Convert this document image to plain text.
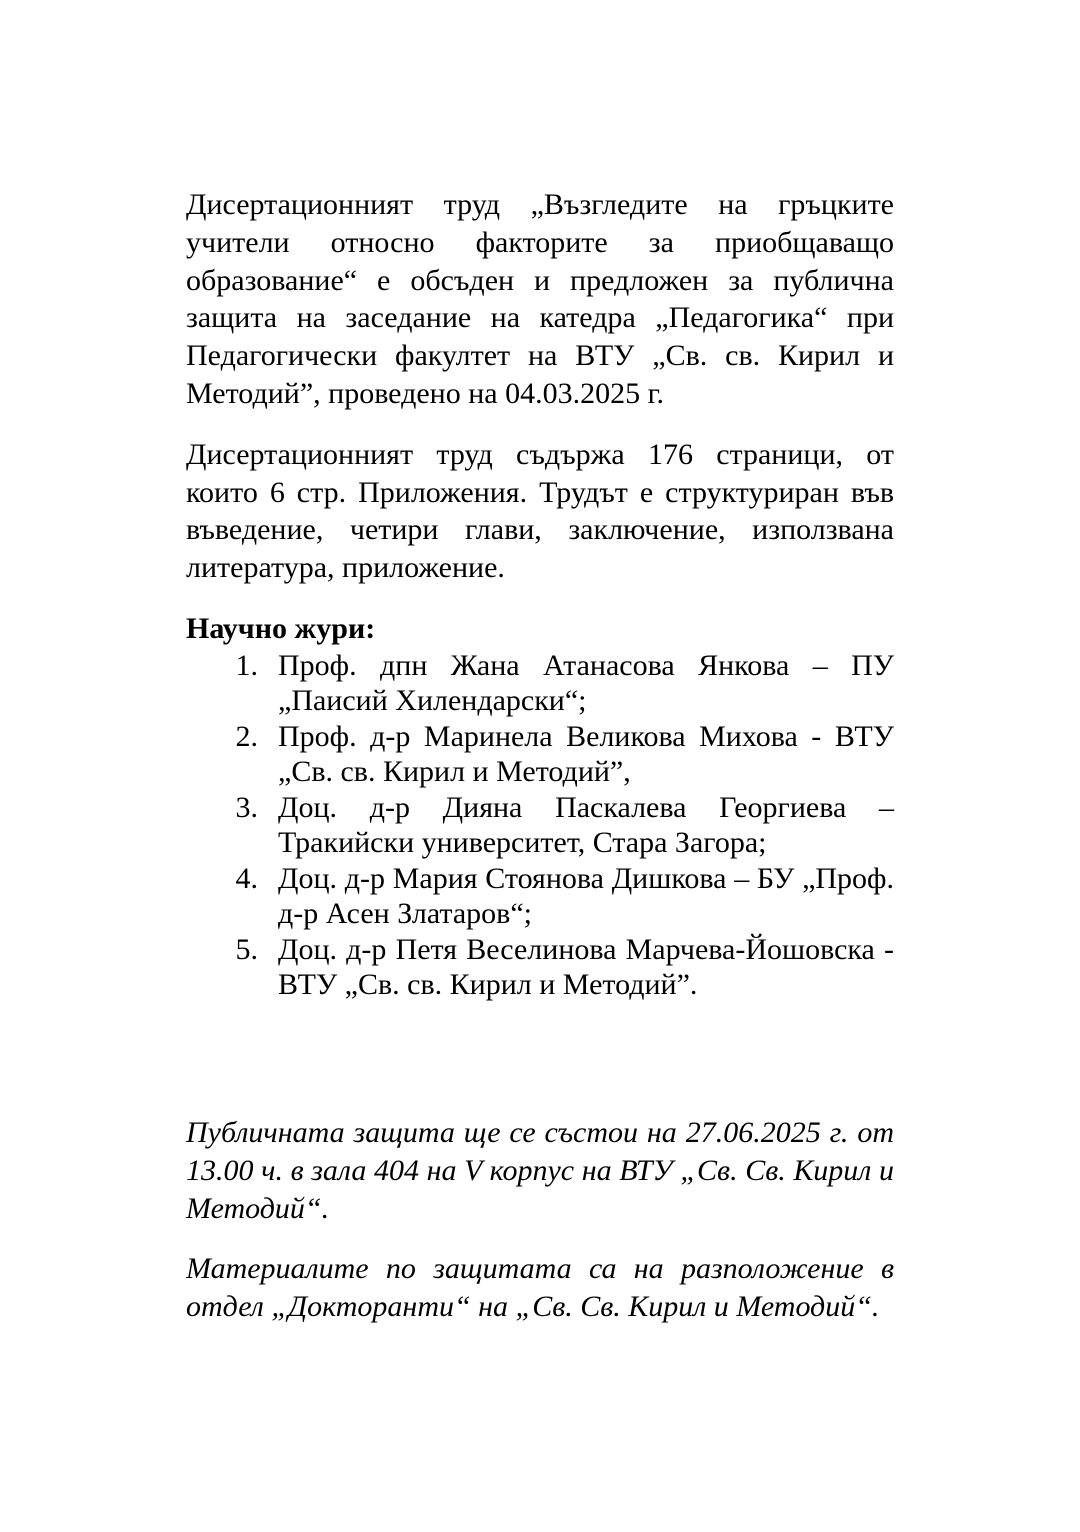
Дисертационният труд „Възгледите на гръцките учители относно факторите за приобщаващо образование“ е обсъден и предложен за публична защита на заседание на катедра „Педагогика“ при Педагогически факултет на ВТУ „Св. св. Кирил и Методий”, проведено на 04.03.2025 г.

Дисертационният труд съдържа 176 страници, от които 6 стр. Приложения. Трудът е структуриран във въведение, четири глави, заключение, използвана литература, приложение.

Научно жури:
1. Проф. дпн Жана Атанасова Янкова – ПУ „Паисий Хилендарски“;
2. Проф. д-р Маринела Великова Михова - ВТУ „Св. св. Кирил и Методий”,
3. Доц. д-р Дияна Паскалева Георгиева – Тракийски университет, Стара Загора;
4. Доц. д-р Мария Стоянова Дишкова – БУ „Проф. д-р Асен Златаров“;
5. Доц. д-р Петя Веселинова Марчева-Йошовска - ВТУ „Св. св. Кирил и Методий”.

Публичната защита ще се състои на 27.06.2025 г. от 13.00 ч. в зала 404 на V корпус на ВТУ „Св. Св. Кирил и Методий“.

Материалите по защитата са на разположение в отдел „Докторанти“ на „Св. Св. Кирил и Методий“.
